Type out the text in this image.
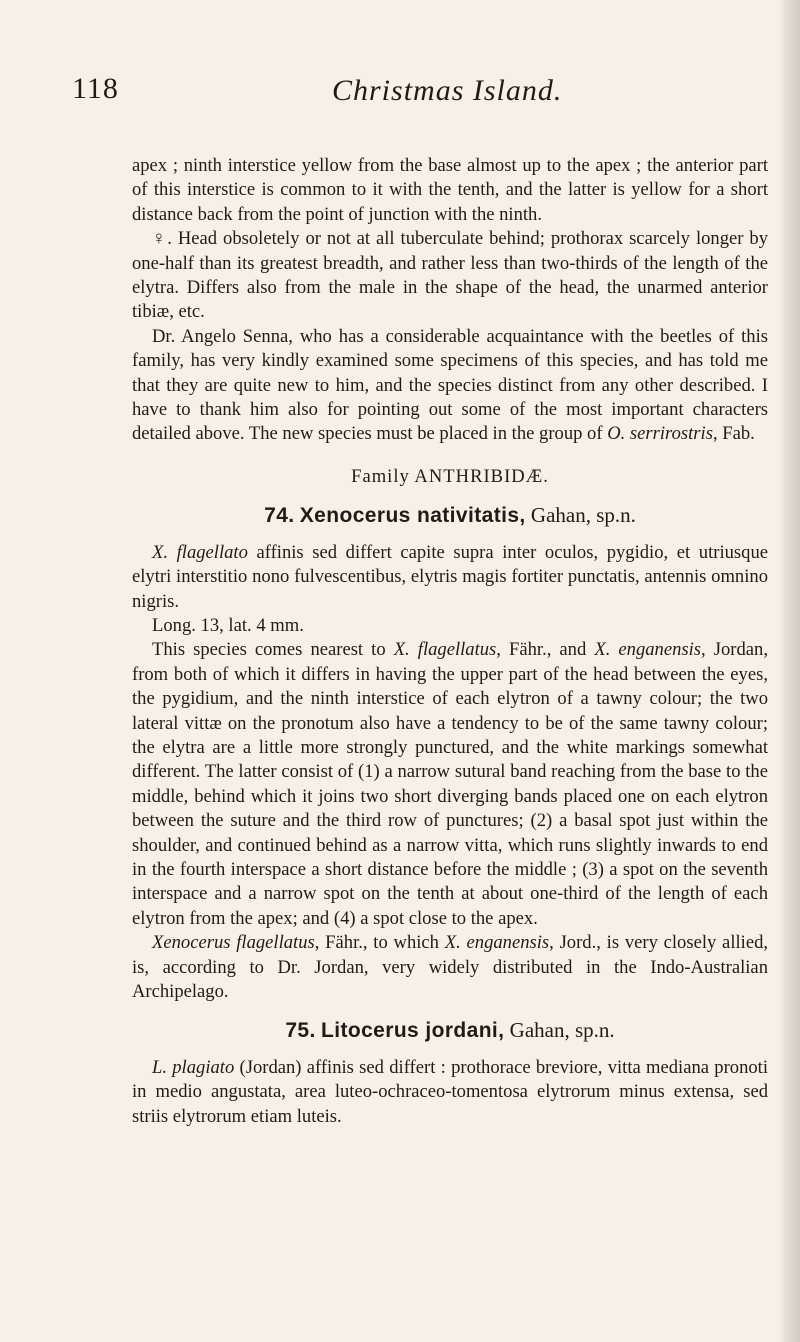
118	Christmas Island.

apex ; ninth interstice yellow from the base almost up to the apex ; the anterior part of this interstice is common to it with the tenth, and the latter is yellow for a short distance back from the point of junction with the ninth.

♀. Head obsoletely or not at all tuberculate behind; prothorax scarcely longer by one-half than its greatest breadth, and rather less than two-thirds of the length of the elytra. Differs also from the male in the shape of the head, the unarmed anterior tibiæ, etc.

Dr. Angelo Senna, who has a considerable acquaintance with the beetles of this family, has very kindly examined some specimens of this species, and has told me that they are quite new to him, and the species distinct from any other described. I have to thank him also for pointing out some of the most important characters detailed above. The new species must be placed in the group of O. serrirostris, Fab.

Family ANTHRIBIDÆ.

74. Xenocerus nativitatis, Gahan, sp.n.

X. flagellato affinis sed differt capite supra inter oculos, pygidio, et utriusque elytri interstitio nono fulvescentibus, elytris magis fortiter punctatis, antennis omnino nigris.

Long. 13, lat. 4 mm.

This species comes nearest to X. flagellatus, Fähr., and X. enganensis, Jordan, from both of which it differs in having the upper part of the head between the eyes, the pygidium, and the ninth interstice of each elytron of a tawny colour; the two lateral vittæ on the pronotum also have a tendency to be of the same tawny colour; the elytra are a little more strongly punctured, and the white markings somewhat different. The latter consist of (1) a narrow sutural band reaching from the base to the middle, behind which it joins two short diverging bands placed one on each elytron between the suture and the third row of punctures; (2) a basal spot just within the shoulder, and continued behind as a narrow vitta, which runs slightly inwards to end in the fourth interspace a short distance before the middle ; (3) a spot on the seventh interspace and a narrow spot on the tenth at about one-third of the length of each elytron from the apex; and (4) a spot close to the apex.

Xenocerus flagellatus, Fähr., to which X. enganensis, Jord., is very closely allied, is, according to Dr. Jordan, very widely distributed in the Indo-Australian Archipelago.

75. Litocerus jordani, Gahan, sp.n.

L. plagiato (Jordan) affinis sed differt : prothorace breviore, vitta mediana pronoti in medio angustata, area luteo-ochraceo-tomentosa elytrorum minus extensa, sed striis elytrorum etiam luteis.
